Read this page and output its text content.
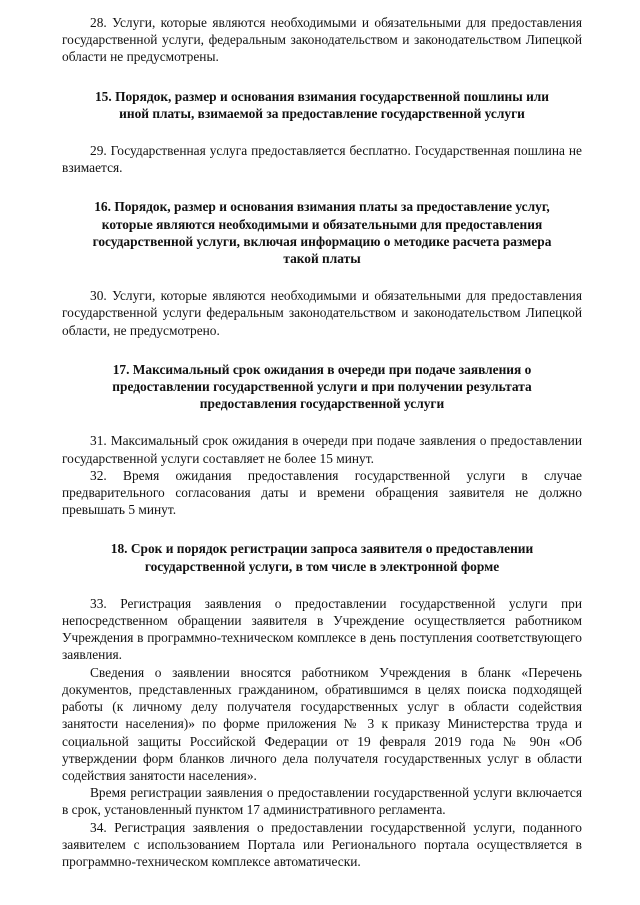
28. Услуги, которые являются необходимыми и обязательными для предоставления государственной услуги, федеральным законодательством и законодательством Липецкой области не предусмотрены.

15. Порядок, размер и основания взимания государственной пошлины или иной платы, взимаемой за предоставление государственной услуги

29. Государственная услуга предоставляется бесплатно. Государственная пошлина не взимается.

16. Порядок, размер и основания взимания платы за предоставление услуг, которые являются необходимыми и обязательными для предоставления государственной услуги, включая информацию о методике расчета размера такой платы

30. Услуги, которые являются необходимыми и обязательными для предоставления государственной услуги федеральным законодательством и законодательством Липецкой области, не предусмотрено.

17. Максимальный срок ожидания в очереди при подаче заявления о предоставлении государственной услуги и при получении результата предоставления государственной услуги

31. Максимальный срок ожидания в очереди при подаче заявления о предоставлении государственной услуги составляет не более 15 минут.

32. Время ожидания предоставления государственной услуги в случае предварительного согласования даты и времени обращения заявителя не должно превышать 5 минут.

18. Срок и порядок регистрации запроса заявителя о предоставлении государственной услуги, в том числе в электронной форме

33. Регистрация заявления о предоставлении государственной услуги при непосредственном обращении заявителя в Учреждение осуществляется работником Учреждения в программно-техническом комплексе в день поступления соответствующего заявления.

Сведения о заявлении вносятся работником Учреждения в бланк «Перечень документов, представленных гражданином, обратившимся в целях поиска подходящей работы (к личному делу получателя государственных услуг в области содействия занятости населения)» по форме приложения № 3 к приказу Министерства труда и социальной защиты Российской Федерации от 19 февраля 2019 года № 90н «Об утверждении форм бланков личного дела получателя государственных услуг в области содействия занятости населения».

Время регистрации заявления о предоставлении государственной услуги включается в срок, установленный пунктом 17 административного регламента.

34. Регистрация заявления о предоставлении государственной услуги, поданного заявителем с использованием Портала или Регионального портала осуществляется в программно-техническом комплексе автоматически.
